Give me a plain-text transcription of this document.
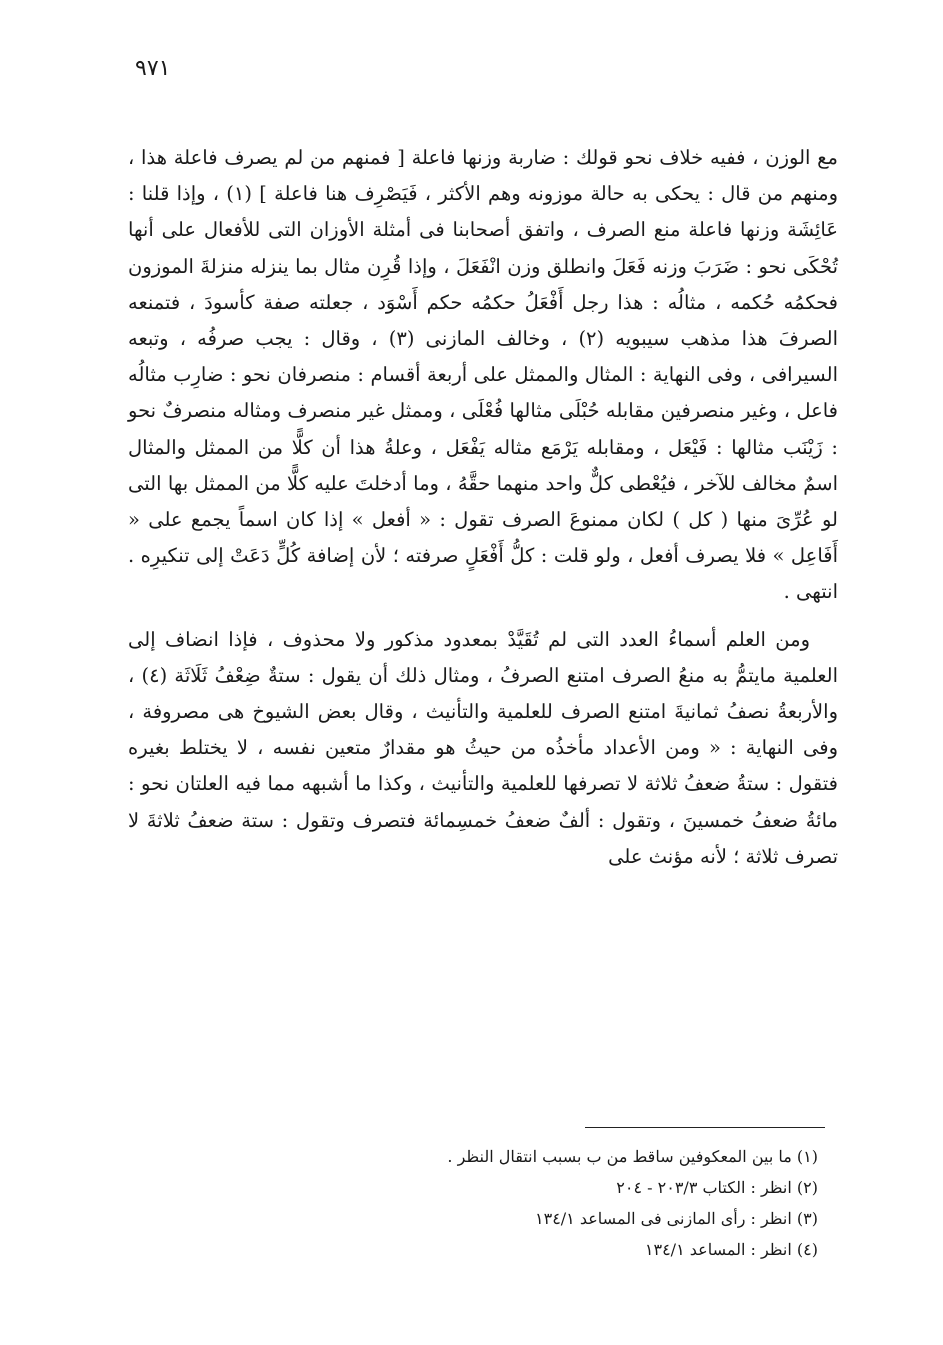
٩٧١

مع الوزن ، ففيه خلاف نحو قولك : ضاربة وزنها فاعلة [ فمنهم من لم يصرف فاعلة هذا ، ومنهم من قال : يحكى به حالة موزونه وهم الأكثر ، فَيَصْرِف هنا فاعلة ] (١) ، وإذا قلنا : عَائِشَة وزنها فاعلة منع الصرف ، واتفق أصحابنا فى أمثلة الأوزان التى للأفعال على أنها تُحْكَى نحو : ضَرَبَ وزنه فَعَلَ وانطلق وزن انْفَعَلَ ، وإذا قُرِن مثال بما ينزله منزلةَ الموزون فحكمُه حُكمه ، مثالُه : هذا رجل أَفْعَلُ حكمُه حكم أَسْوَد ، جعلته صفة كأسودَ ، فتمنعه الصرفَ هذا مذهب سيبويه (٢) ، وخالف المازنى (٣) ، وقال : يجب صرفُه ، وتبعه السيرافى ، وفى النهاية : المثال والممثل على أربعة أقسام : منصرفان نحو : ضارِب مثالُه فاعل ، وغير منصرفين مقابله حُبْلَى مثالها فُعْلَى ، وممثل غير منصرف ومثاله منصرفٌ نحو : زَيْنَب مثالها : فَيْعَل ، ومقابله يَرْمَع مثاله يَفْعَل ، وعلةُ هذا أن كلًّا من الممثل والمثال اسمٌ مخالف للآخر ، فيُعْطى كلٌّ واحد منهما حقَّهُ ، وما أدخلتَ عليه كلًّا من الممثل بها التى لو عُرِّىَ منها ( كل ) لكان ممنوعَ الصرف تقول : « أفعل » إذا كان اسماً يجمع على « أَفَاعِل » فلا يصرف أفعل ، ولو قلت : كلُّ أَفْعَلٍ صرفته ؛ لأن إضافة كُلٍّ دَعَتْ إلى تنكيرِه . انتهى .

ومن العلم أسماءُ العدد التى لم تُقَيَّدْ بمعدود مذكور ولا محذوف ، فإذا انضاف إلى العلمية مايتمُّ به منعُ الصرف امتنع الصرفُ ، ومثال ذلك أن يقول : ستةٌ ضِعْفُ ثَلَاثَة (٤) ، والأربعةُ نصفُ ثمانيةَ امتنع الصرف للعلمية والتأنيث ، وقال بعض الشيوخ هى مصروفة ، وفى النهاية : « ومن الأعداد مأخذُه من حيثُ هو مقدارٌ متعين نفسه ، لا يختلط بغيره فتقول : ستةُ ضعفُ ثلاثة لا تصرفها للعلمية والتأنيث ، وكذا ما أشبهه مما فيه العلتان نحو : مائةُ ضعفُ خمسينَ ، وتقول : ألفٌ ضعفُ خمسِمائة فتصرف وتقول : ستة ضعفُ ثلاثةَ لا تصرف ثلاثة ؛ لأنه مؤنث على

(١) ما بين المعكوفين ساقط من ب بسبب انتقال النظر .

(٢) انظر : الكتاب ٢٠٣/٣ - ٢٠٤

(٣) انظر : رأى المازنى فى المساعد ١٣٤/١

(٤) انظر : المساعد ١٣٤/١
